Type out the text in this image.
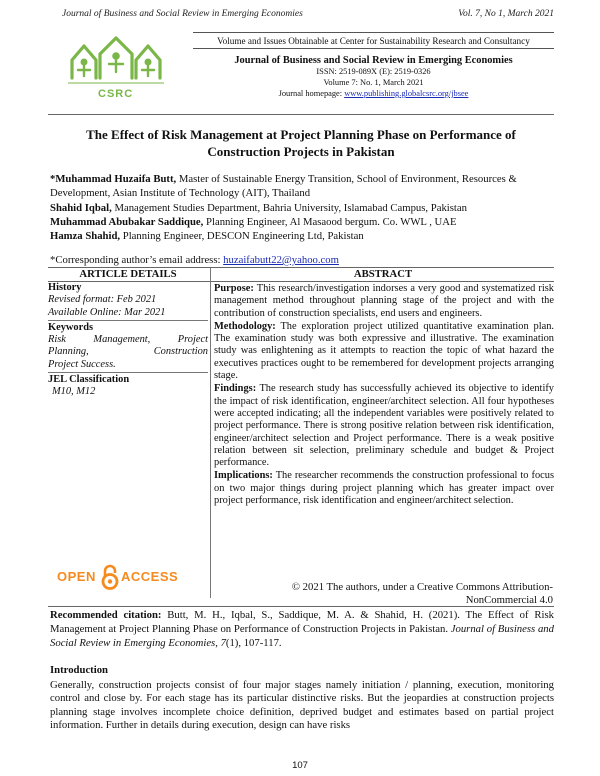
Journal of Business and Social Review in Emerging Economies	Vol. 7, No 1, March 2021
CSRC
Volume and Issues Obtainable at Center for Sustainability Research and Consultancy
Journal of Business and Social Review in Emerging Economies
ISSN: 2519-089X (E): 2519-0326
Volume 7: No. 1, March 2021
Journal homepage: www.publishing.globalcsrc.org/jbsee
The Effect of Risk Management at Project Planning Phase on Performance of Construction Projects in Pakistan
*Muhammad Huzaifa Butt, Master of Sustainable Energy Transition, School of Environment, Resources & Development, Asian Institute of Technology (AIT), Thailand
Shahid Iqbal, Management Studies Department, Bahria University, Islamabad Campus, Pakistan
Muhammad Abubakar Saddique, Planning Engineer, Al Masaood bergum. Co. WWL , UAE
Hamza Shahid, Planning Engineer, DESCON Engineering Ltd, Pakistan
*Corresponding author’s email address: huzaifabutt22@yahoo.com
ARTICLE DETAILS	ABSTRACT
History
Revised format: Feb 2021
Available Online: Mar 2021
Keywords
Risk Management, Project
Planning, Construction
Project Success.
JEL Classification
M10, M12

Purpose: This research/investigation indorses a very good and systematized risk management method throughout planning stage of the project and with the contribution of construction specialists, end users and engineers.

Methodology: The exploration project utilized quantitative examination plan. The examination study was both expressive and illustrative. The examination study was enlightening as it attempts to reaction the topic of what hazard the executives practices ought to be remembered for development projects arranging stage.

Findings: The research study has successfully achieved its objective to identify the impact of risk identification, engineer/architect selection. All four hypotheses were accepted indicating; all the independent variables were positively related to project performance. There is strong positive relation between risk identification, engineer/architect selection and Project performance. There is a weak positive relation between sit selection, preliminary schedule and budget & Project performance.

Implications: The researcher recommends the construction professional to focus on two major things during project planning which has greater impact over project performance, risk identification and engineer/architect selection.

OPEN ACCESS
© 2021 The authors, under a Creative Commons Attribution-
NonCommercial 4.0
Recommended citation: Butt, M. H., Iqbal, S., Saddique, M. A. & Shahid, H. (2021). The Effect of Risk Management at Project Planning Phase on Performance of Construction Projects in Pakistan. Journal of Business and Social Review in Emerging Economies, 7(1), 107-117.
Introduction
Generally, construction projects consist of four major stages namely initiation / planning, execution, monitoring control and close by. For each stage has its particular distinctive risks. But the jeopardies at construction projects planning stage involves incomplete choice definition, deprived budget and estimates based on partial project information. Further in details during execution, design can have risks
107
